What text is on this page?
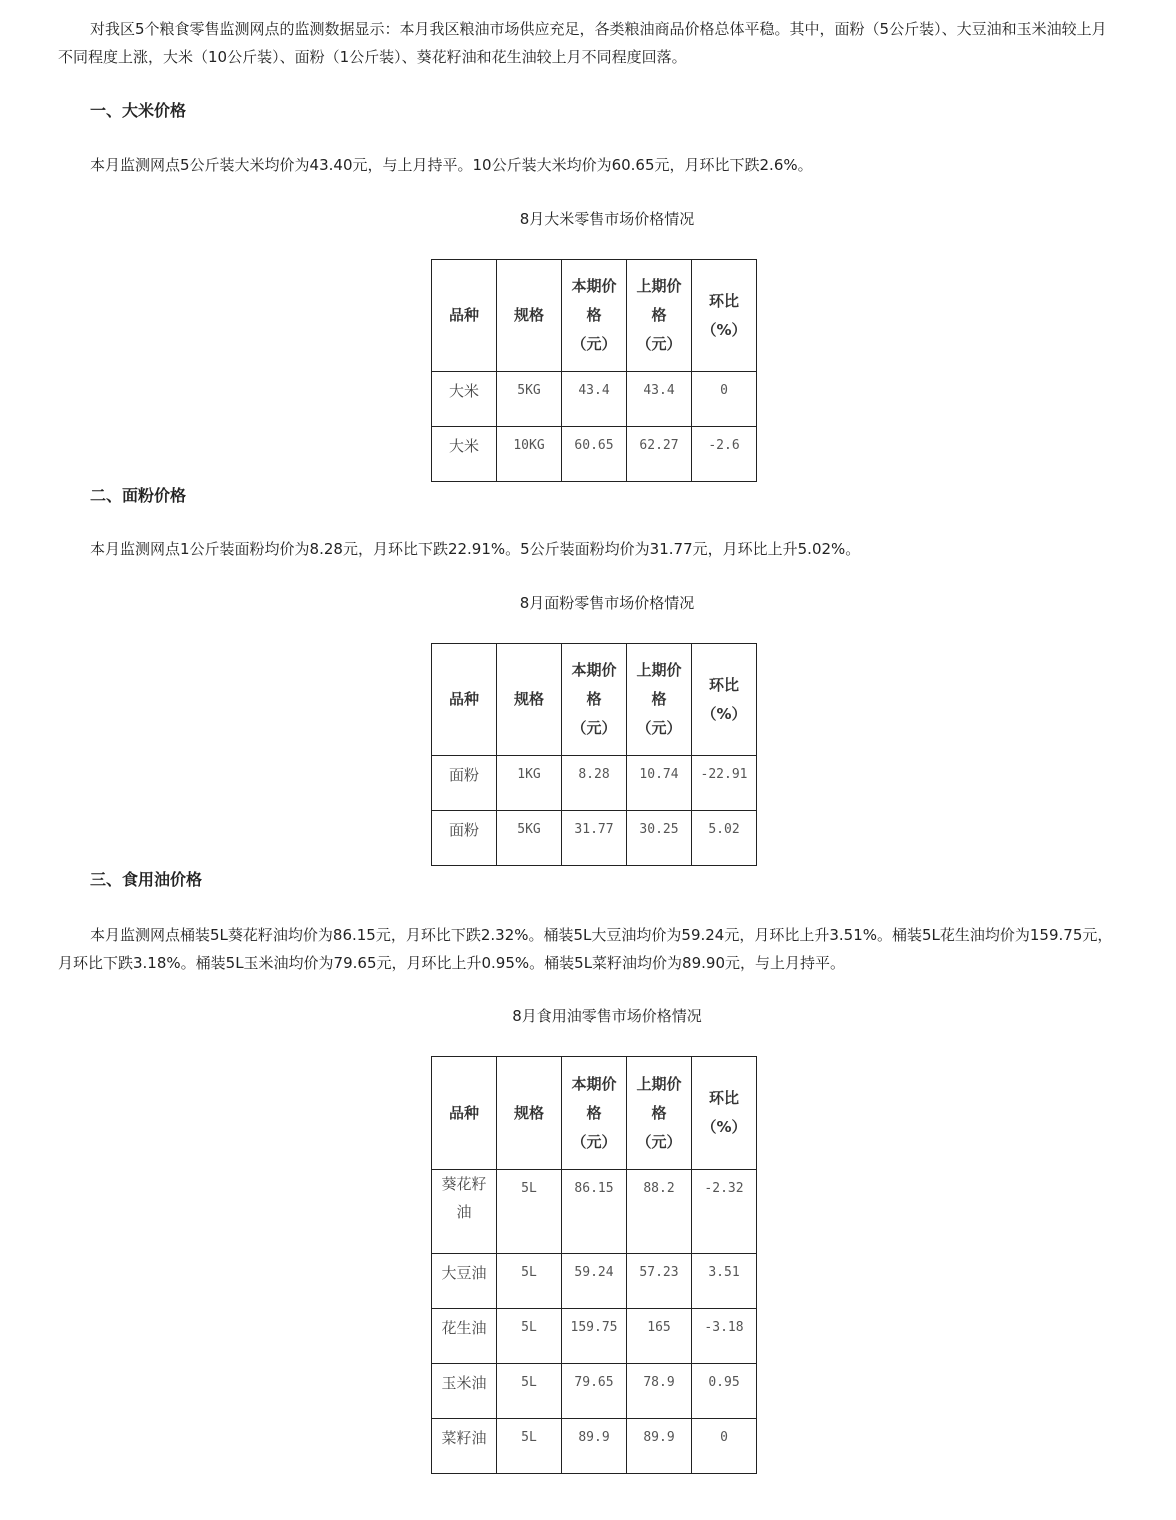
对我区5个粮食零售监测网点的监测数据显示：本月我区粮油市场供应充足，各类粮油商品价格总体平稳。其中，面粉（5公斤装）、大豆油和玉米油较上月不同程度上涨，大米（10公斤装）、面粉（1公斤装）、葵花籽油和花生油较上月不同程度回落。

一、大米价格

本月监测网点5公斤装大米均价为43.40元，与上月持平。10公斤装大米均价为60.65元，月环比下跌2.6%。

8月大米零售市场价格情况

品种	规格	本期价格（元）	上期价格（元）	环比（%）

大米	5KG	43.4	43.4	0
大米	10KG	60.65	62.27	-2.6
二、面粉价格

本月监测网点1公斤装面粉均价为8.28元，月环比下跌22.91%。5公斤装面粉均价为31.77元，月环比上升5.02%。

8月面粉零售市场价格情况

品种	规格	本期价格（元）	上期价格（元）	环比（%）

面粉	1KG	8.28	10.74	-22.91
面粉	5KG	31.77	30.25	5.02
三、食用油价格

本月监测网点桶装5L葵花籽油均价为86.15元，月环比下跌2.32%。桶装5L大豆油均价为59.24元，月环比上升3.51%。桶装5L花生油均价为159.75元，月环比下跌3.18%。桶装5L玉米油均价为79.65元，月环比上升0.95%。桶装5L菜籽油均价为89.90元，与上月持平。

8月食用油零售市场价格情况

品种	规格	本期价格（元）	上期价格（元）	环比（%）

葵花籽油	5L	86.15	88.2	-2.32
大豆油	5L	59.24	57.23	3.51
花生油	5L	159.75	165	-3.18
玉米油	5L	79.65	78.9	0.95
菜籽油	5L	89.9	89.9	0
